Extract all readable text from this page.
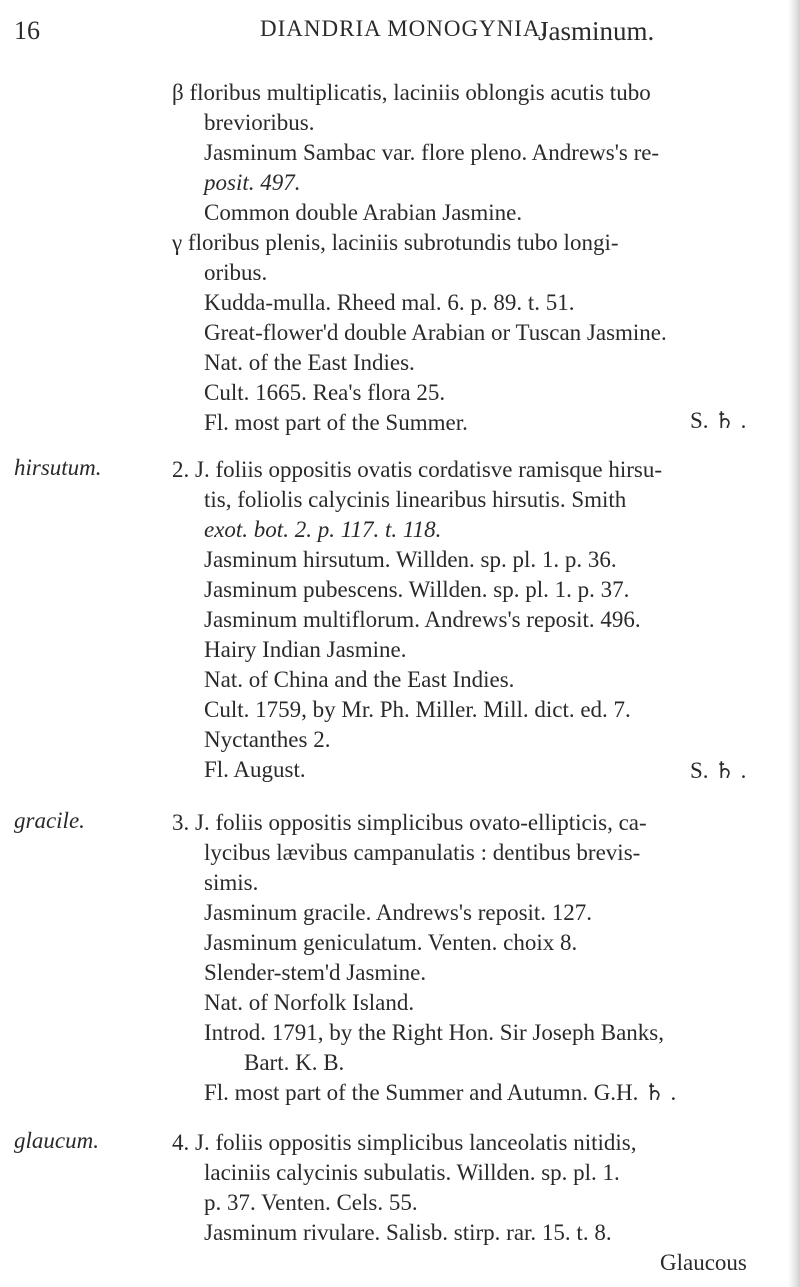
16	DIANDRIA MONOGYNIA.
Jasminum.
β floribus multiplicatis, laciniis oblongis acutis tubo
brevioribus.
Jasminum Sambac var. flore pleno. Andrews's re-
posit. 497.
Common double Arabian Jasmine.
γ floribus plenis, laciniis subrotundis tubo longi-
oribus.
Kudda-mulla. Rheed mal. 6. p. 89. t. 51.
Great-flower'd double Arabian or Tuscan Jasmine.
Nat. of the East Indies.
Cult. 1665. Rea's flora 25.
Fl. most part of the Summer.	S. ♄ .
hirsutum.	2. J. foliis oppositis ovatis cordatisve ramisque hirsu-
tis, foliolis calycinis linearibus hirsutis. Smith
exot. bot. 2. p. 117. t. 118.
Jasminum hirsutum. Willden. sp. pl. 1. p. 36.
Jasminum pubescens. Willden. sp. pl. 1. p. 37.
Jasminum multiflorum. Andrews's reposit. 496.
Hairy Indian Jasmine.
Nat. of China and the East Indies.
Cult. 1759, by Mr. Ph. Miller. Mill. dict. ed. 7.
Nyctanthes 2.
Fl. August.	S. ♄ .
gracile.	3. J. foliis oppositis simplicibus ovato-ellipticis, ca-
lycibus lævibus campanulatis : dentibus brevis-
simis.
Jasminum gracile. Andrews's reposit. 127.
Jasminum geniculatum. Venten. choix 8.
Slender-stem'd Jasmine.
Nat. of Norfolk Island.
Introd. 1791, by the Right Hon. Sir Joseph Banks,
Bart. K. B.
Fl. most part of the Summer and Autumn. G.H. ♄ .
glaucum.	4. J. foliis oppositis simplicibus lanceolatis nitidis,
laciniis calycinis subulatis. Willden. sp. pl. 1.
p. 37. Venten. Cels. 55.
Jasminum rivulare. Salisb. stirp. rar. 15. t. 8.
Glaucous
